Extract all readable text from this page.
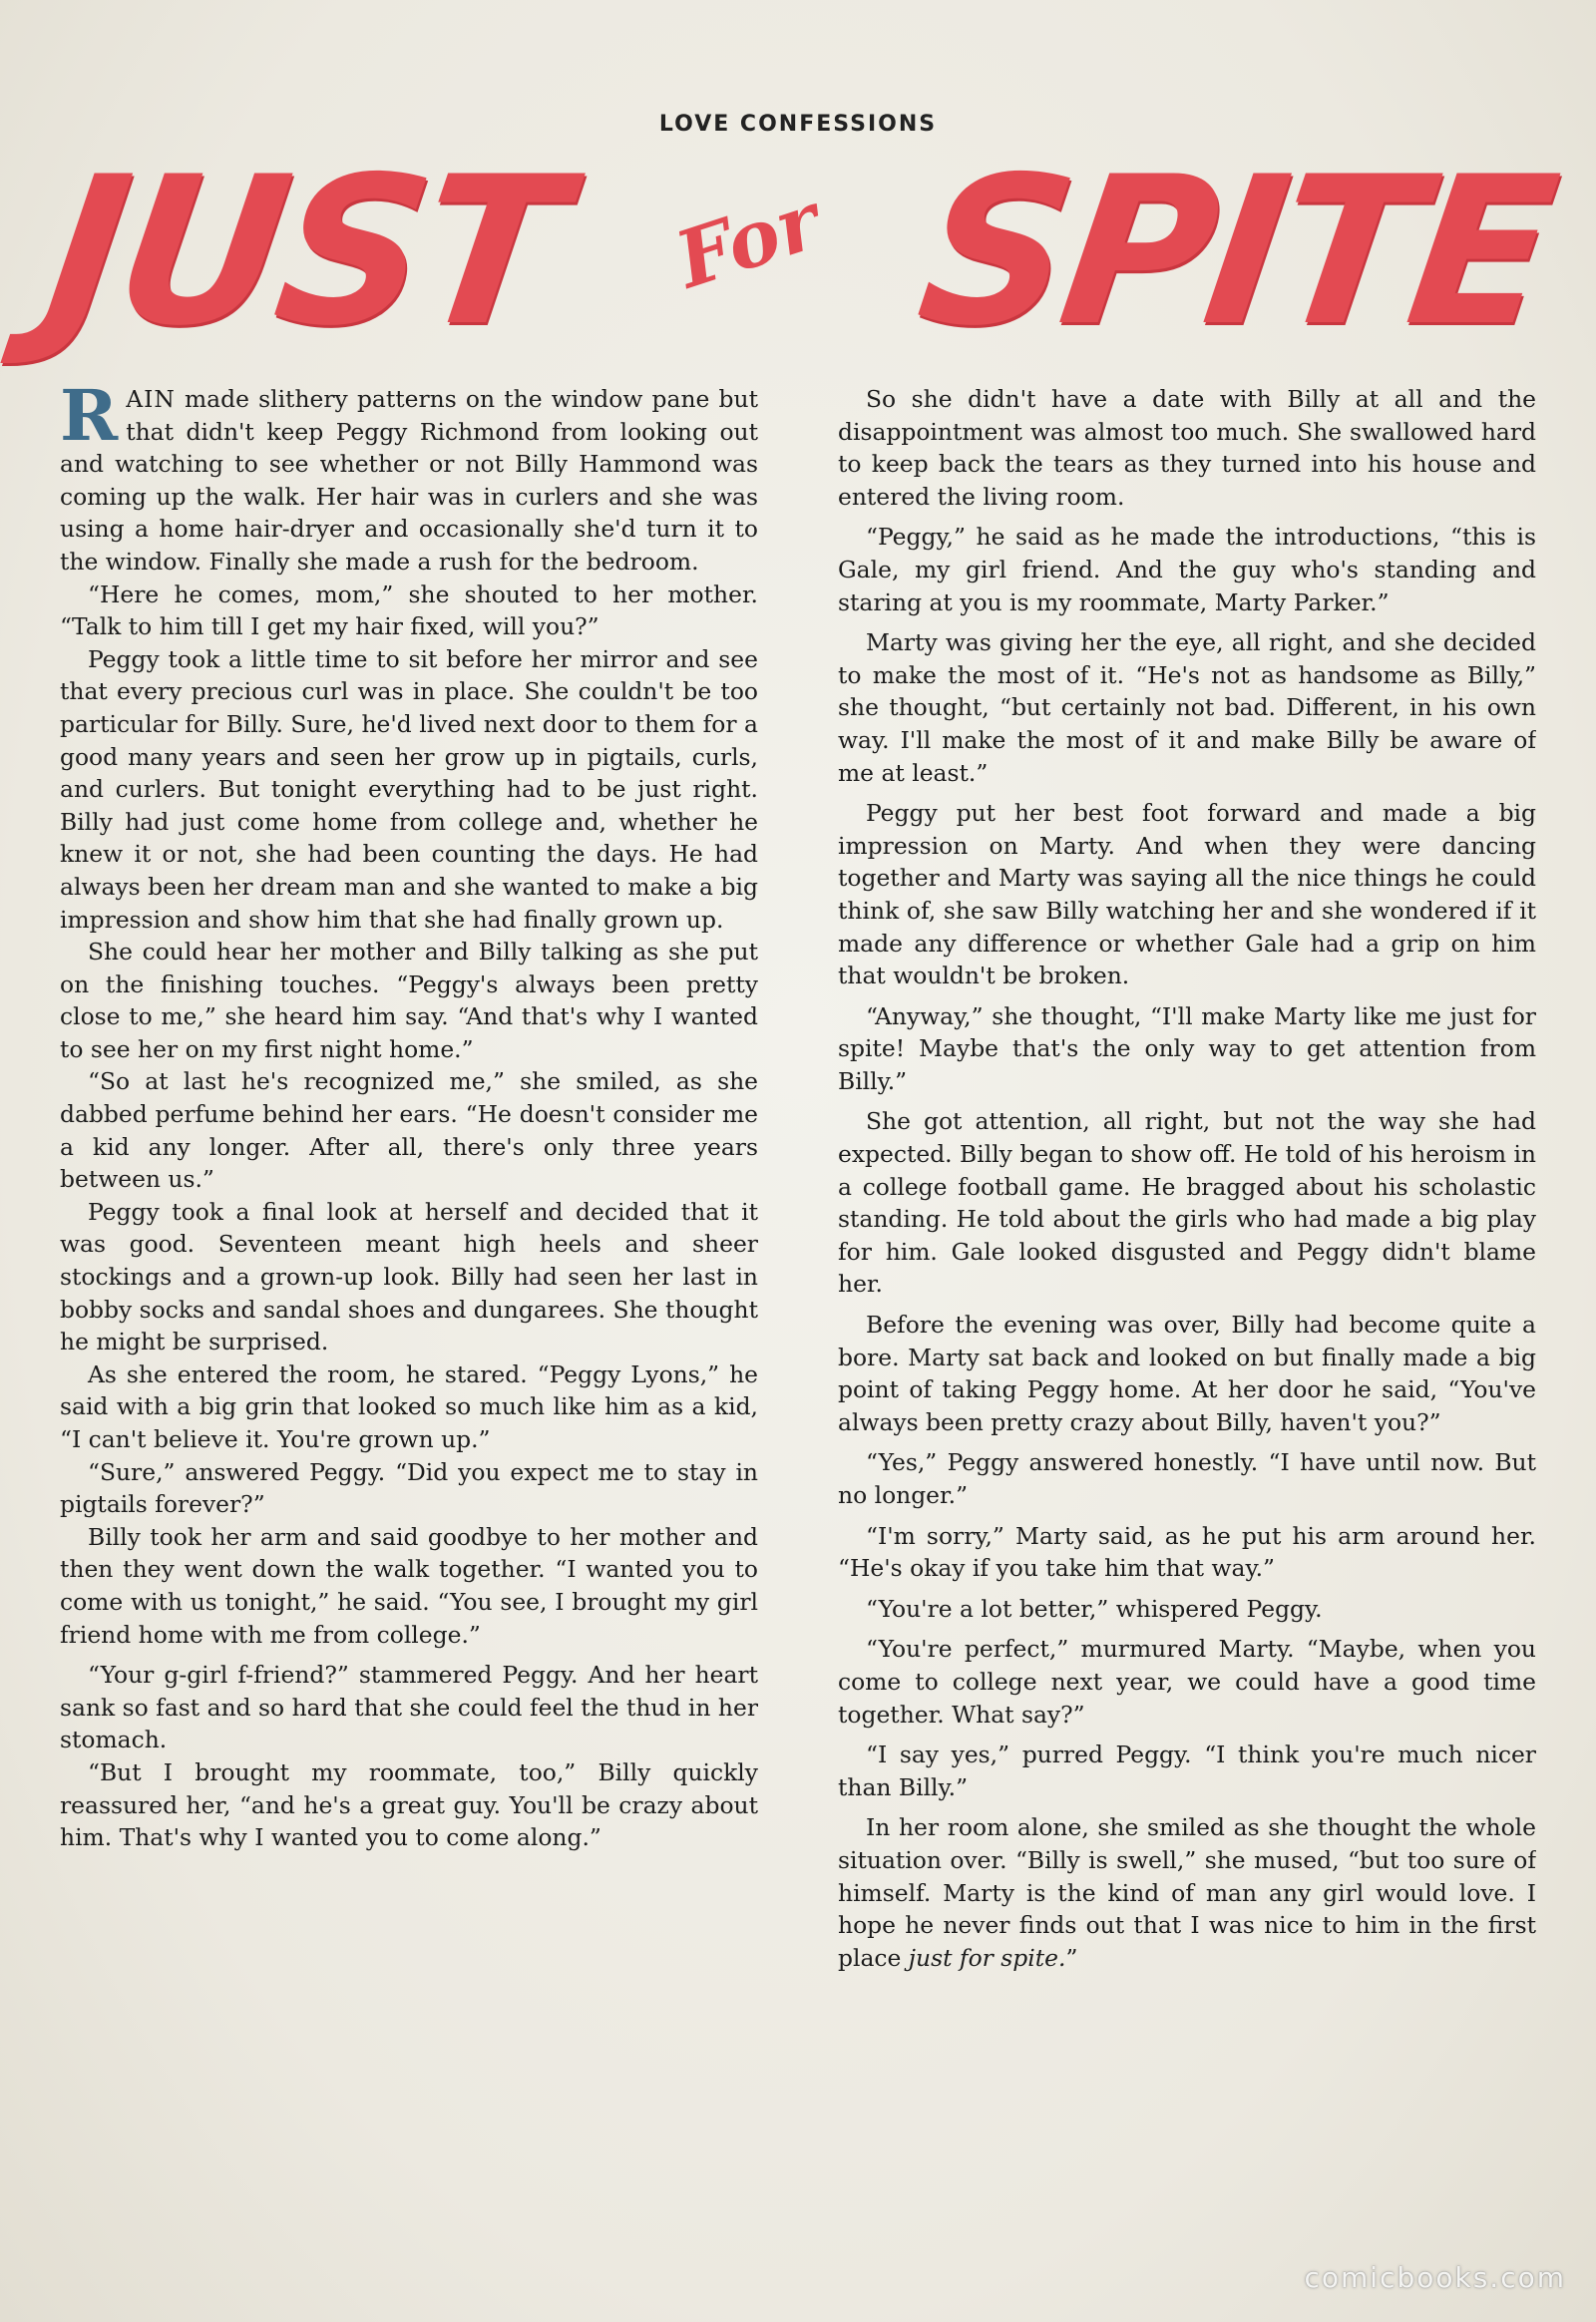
LOVE CONFESSIONS
JUST For SPITE

RAIN made slithery patterns on the window pane but that didn't keep Peggy Richmond from looking out and watching to see whether or not Billy Hammond was coming up the walk. Her hair was in curlers and she was using a home hair-dryer and occasionally she'd turn it to the window. Finally she made a rush for the bedroom.

“Here he comes, mom,” she shouted to her mother. “Talk to him till I get my hair fixed, will you?”

Peggy took a little time to sit before her mirror and see that every precious curl was in place. She couldn't be too particular for Billy. Sure, he'd lived next door to them for a good many years and seen her grow up in pigtails, curls, and curlers. But tonight everything had to be just right. Billy had just come home from college and, whether he knew it or not, she had been counting the days. He had always been her dream man and she wanted to make a big impression and show him that she had finally grown up.

She could hear her mother and Billy talking as she put on the finishing touches. “Peggy's always been pretty close to me,” she heard him say. “And that's why I wanted to see her on my first night home.”

“So at last he's recognized me,” she smiled, as she dabbed perfume behind her ears. “He doesn't consider me a kid any longer. After all, there's only three years between us.”

Peggy took a final look at herself and decided that it was good. Seventeen meant high heels and sheer stockings and a grown-up look. Billy had seen her last in bobby socks and sandal shoes and dungarees. She thought he might be surprised.

As she entered the room, he stared. “Peggy Lyons,” he said with a big grin that looked so much like him as a kid, “I can't believe it. You're grown up.”

“Sure,” answered Peggy. “Did you expect me to stay in pigtails forever?”

Billy took her arm and said goodbye to her mother and then they went down the walk together. “I wanted you to come with us tonight,” he said. “You see, I brought my girl friend home with me from college.”

“Your g-girl f-friend?” stammered Peggy. And her heart sank so fast and so hard that she could feel the thud in her stomach.

“But I brought my roommate, too,” Billy quickly reassured her, “and he's a great guy. You'll be crazy about him. That's why I wanted you to come along.”

So she didn't have a date with Billy at all and the disappointment was almost too much. She swallowed hard to keep back the tears as they turned into his house and entered the living room.

“Peggy,” he said as he made the introductions, “this is Gale, my girl friend. And the guy who's standing and staring at you is my roommate, Marty Parker.”

Marty was giving her the eye, all right, and she decided to make the most of it. “He's not as handsome as Billy,” she thought, “but certainly not bad. Different, in his own way. I'll make the most of it and make Billy be aware of me at least.”

Peggy put her best foot forward and made a big impression on Marty. And when they were dancing together and Marty was saying all the nice things he could think of, she saw Billy watching her and she wondered if it made any difference or whether Gale had a grip on him that wouldn't be broken.

“Anyway,” she thought, “I'll make Marty like me just for spite! Maybe that's the only way to get attention from Billy.”

She got attention, all right, but not the way she had expected. Billy began to show off. He told of his heroism in a college football game. He bragged about his scholastic standing. He told about the girls who had made a big play for him. Gale looked disgusted and Peggy didn't blame her.

Before the evening was over, Billy had become quite a bore. Marty sat back and looked on but finally made a big point of taking Peggy home. At her door he said, “You've always been pretty crazy about Billy, haven't you?”

“Yes,” Peggy answered honestly. “I have until now. But no longer.”

“I'm sorry,” Marty said, as he put his arm around her. “He's okay if you take him that way.”

“You're a lot better,” whispered Peggy.

“You're perfect,” murmured Marty. “Maybe, when you come to college next year, we could have a good time together. What say?”

“I say yes,” purred Peggy. “I think you're much nicer than Billy.”

In her room alone, she smiled as she thought the whole situation over. “Billy is swell,” she mused, “but too sure of himself. Marty is the kind of man any girl would love. I hope he never finds out that I was nice to him in the first place just for spite.”

comicbooks.com
